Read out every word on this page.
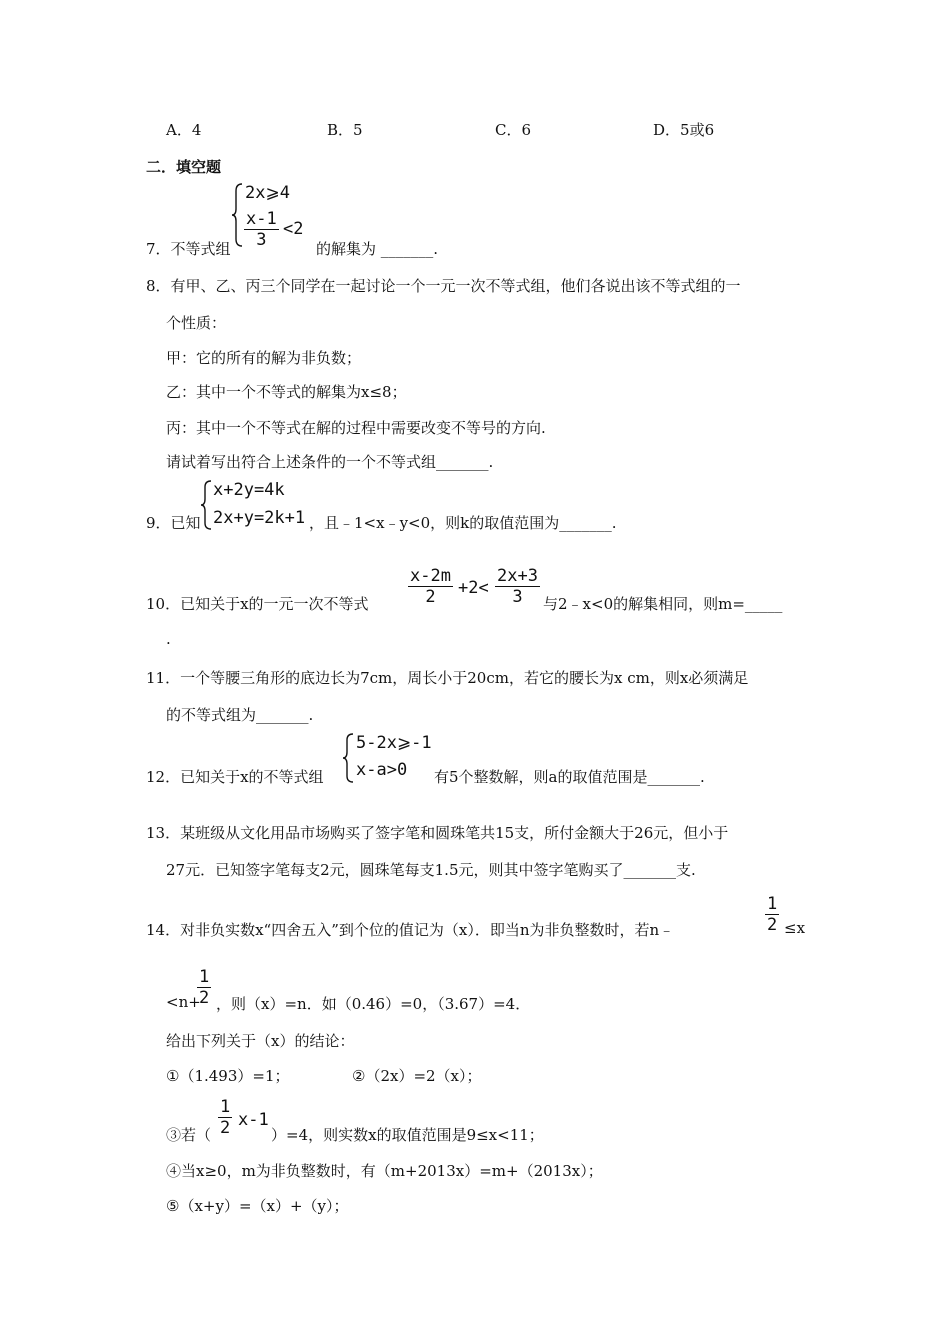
A．4	B．5	C．6	D．5或6
二．填空题
2x⩾4
$\frac{x-1}{3} <2$
7．不等式组	的解集为 _______.
8．有甲、乙、丙三个同学在一起讨论一个一元一次不等式组，他们各说出该不等式组的一
个性质：
甲：它的所有的解为非负数；
乙：其中一个不等式的解集为x≤8；
丙：其中一个不等式在解的过程中需要改变不等号的方向.
请试着写出符合上述条件的一个不等式组_______.
x+2y=4k
2x+y=2k+1
9．已知	，且﹣1<x﹣y<0，则k的取值范围为_______.
10．已知关于x的一元一次不等式 $\frac{x-2m}{2} +2< \frac{2x+3}{3}$ 与2﹣x<0的解集相同，则m=_____
.
11．一个等腰三角形的底边长为7cm，周长小于20cm，若它的腰长为x cm，则x必须满足
的不等式组为_______.
5-2x⩾-1
x-a>0
12．已知关于x的不等式组	有5个整数解，则a的取值范围是_______.
13．某班级从文化用品市场购买了签字笔和圆珠笔共15支，所付金额大于26元，但小于
27元．已知签字笔每支2元，圆珠笔每支1.5元，则其中签字笔购买了_______支.
14．对非负实数x“四舍五入”到个位的值记为（x）．即当n为非负整数时，若n﹣	$\frac{1}{2} \le x$
<n+
$\frac{1}{2}$ ，则（x）=n．如（0.46）=0，（3.67）=4．
给出下列关于（x）的结论：
①（1.493）=1；	②（2x）=2（x）；
③若（ $\frac{1}{2} x-1$
）=4，则实数x的取值范围是9≤x<11；
④当x≥0，m为非负整数时，有（m+2013x）=m+（2013x）；
⑤（x+y）=（x）+（y）；
